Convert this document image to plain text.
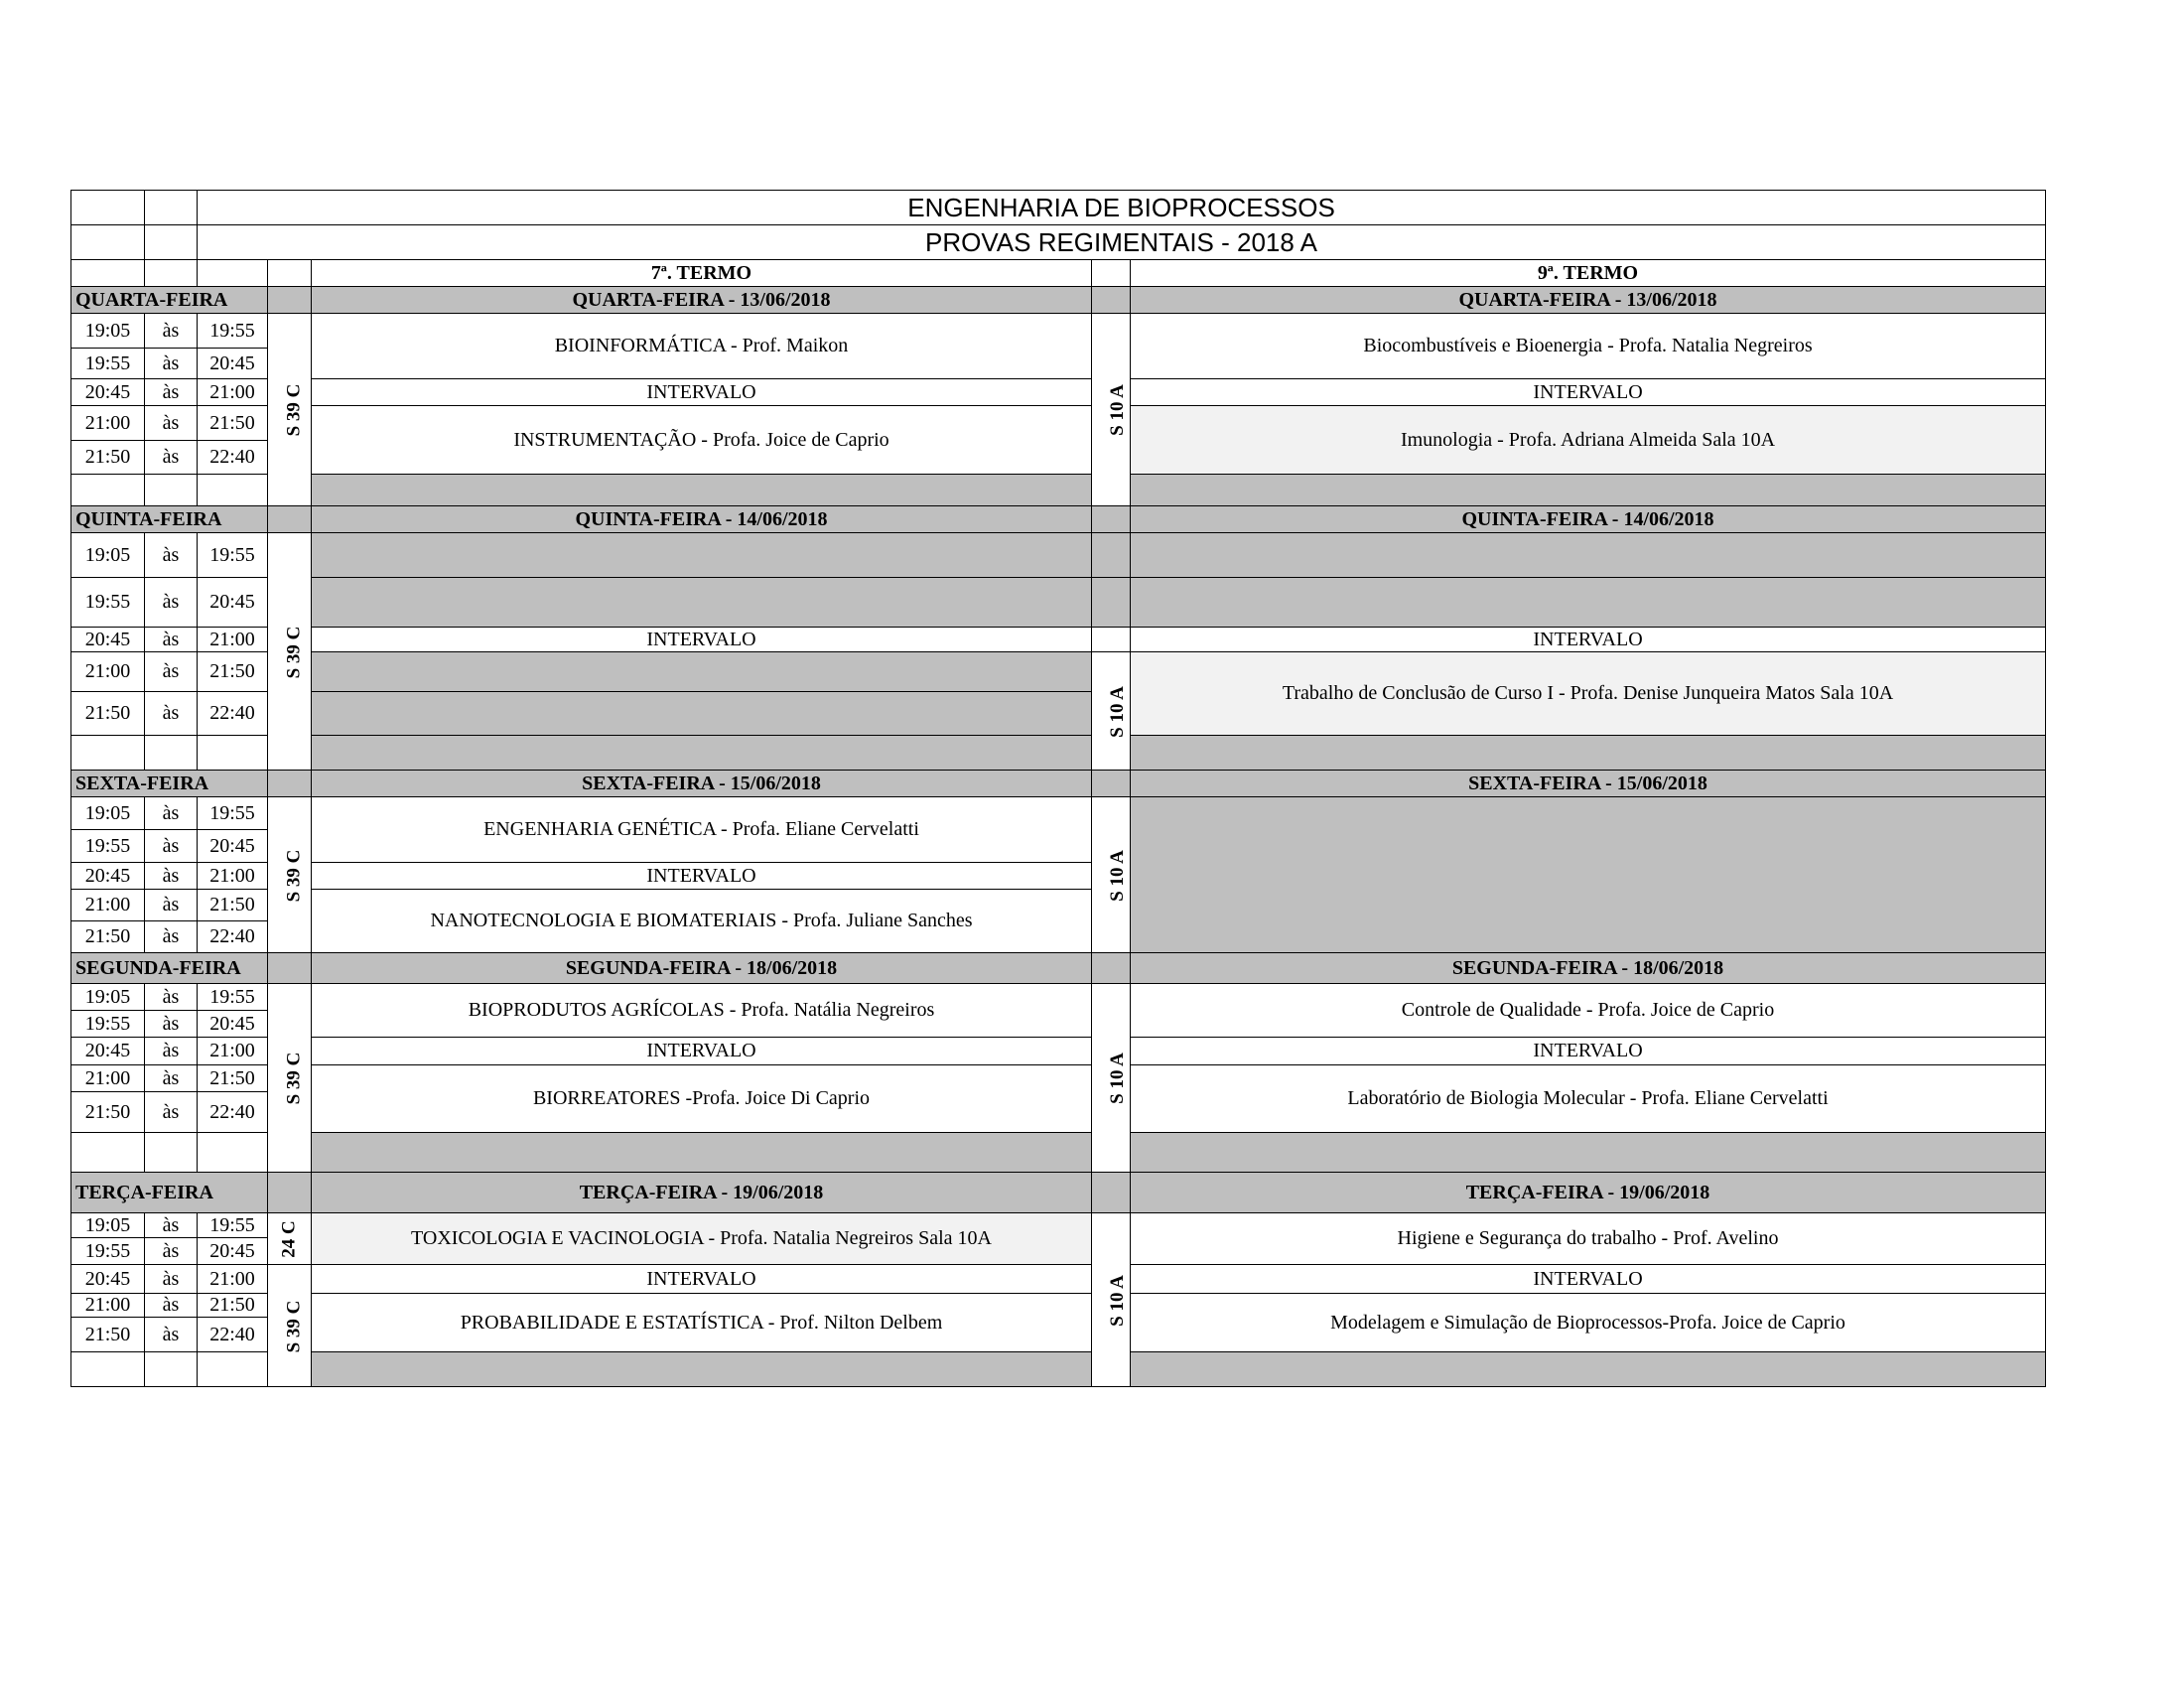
		ENGENHARIA DE BIOPROCESSOS				
		PROVAS REGIMENTAIS - 2018 A				
				7ª. TERMO		9ª. TERMO
QUARTA-FEIRA				QUARTA-FEIRA - 13/06/2018		QUARTA-FEIRA - 13/06/2018
19:05	às	19:55	S 39 C	BIOINFORMÁTICA - Prof. Maikon	S 10 A	Biocombustíveis e Bioenergia - Profa. Natalia Negreiros
19:55	às	20:45				
20:45	às	21:00		INTERVALO		INTERVALO
21:00	às	21:50		INSTRUMENTAÇÃO - Profa. Joice de Caprio		Imunologia - Profa. Adriana Almeida Sala 10A
21:50	às	22:40				

QUINTA-FEIRA				QUINTA-FEIRA - 14/06/2018		QUINTA-FEIRA - 14/06/2018
19:05	às	19:55	S 39 C			
19:55	às	20:45				
20:45	às	21:00		INTERVALO		INTERVALO
21:00	às	21:50			S 10 A	Trabalho de Conclusão de Curso I - Profa. Denise Junqueira Matos Sala 10A
21:50	às	22:40				

SEXTA-FEIRA				SEXTA-FEIRA - 15/06/2018		SEXTA-FEIRA - 15/06/2018
19:05	às	19:55	S 39 C	ENGENHARIA GENÉTICA - Profa. Eliane Cervelatti	S 10 A	
19:55	às	20:45				
20:45	às	21:00		INTERVALO		
21:00	às	21:50		NANOTECNOLOGIA E BIOMATERIAIS - Profa. Juliane Sanches		
21:50	às	22:40				
SEGUNDA-FEIRA				SEGUNDA-FEIRA - 18/06/2018		SEGUNDA-FEIRA - 18/06/2018
19:05	às	19:55	S 39 C	BIOPRODUTOS AGRÍCOLAS - Profa. Natália Negreiros	S 10 A	Controle de Qualidade - Profa. Joice de Caprio
19:55	às	20:45				
20:45	às	21:00		INTERVALO		INTERVALO
21:00	às	21:50		BIORREATORES -Profa. Joice Di Caprio		Laboratório de Biologia Molecular - Profa. Eliane Cervelatti
21:50	às	22:40				

TERÇA-FEIRA				TERÇA-FEIRA - 19/06/2018		TERÇA-FEIRA - 19/06/2018
19:05	às	19:55	24 C	TOXICOLOGIA E VACINOLOGIA - Profa. Natalia Negreiros Sala 10A	S 10 A	Higiene e Segurança do trabalho - Prof. Avelino
19:55	às	20:45				
20:45	às	21:00	S 39 C	INTERVALO		INTERVALO
21:00	às	21:50		PROBABILIDADE E ESTATÍSTICA - Prof. Nilton Delbem		Modelagem e Simulação de Bioprocessos-Profa. Joice de Caprio
21:50	às	22:40				
